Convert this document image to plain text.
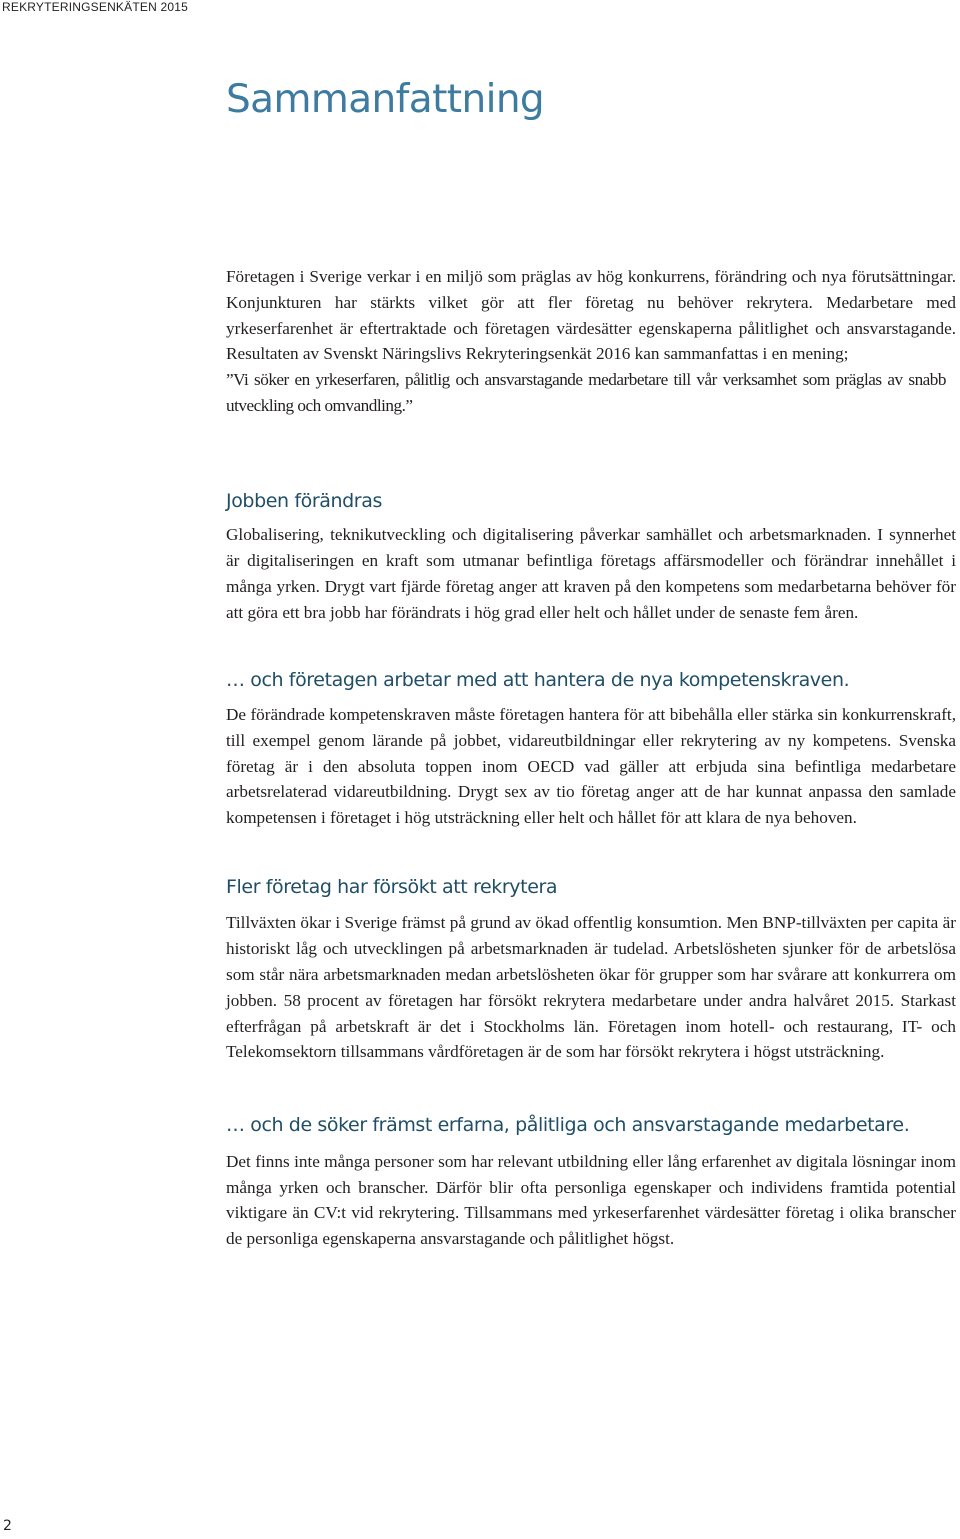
REKRYTERINGSENKÄTEN 2015
Sammanfattning

Företagen i Sverige verkar i en miljö som präglas av hög konkurrens, förändring och nya förutsättningar. Konjunkturen har stärkts vilket gör att fler företag nu behöver rekrytera. Medarbetare med yrkeserfarenhet är eftertraktade och företagen värdesätter egenskaperna pålitlighet och ansvarstagande. Resultaten av Svenskt Näringslivs Rekryteringsenkät 2016 kan sammanfattas i en mening;

”Vi söker en yrkeserfaren, pålitlig och ansvarstagande medarbetare till vår verksamhet som präglas av snabb utveckling och omvandling.”

Jobben förändras

Globalisering, teknikutveckling och digitalisering påverkar samhället och arbetsmarknaden. I synnerhet är digitaliseringen en kraft som utmanar befintliga företags affärsmodeller och förändrar innehållet i många yrken. Drygt vart fjärde företag anger att kraven på den kompetens som medarbetarna behöver för att göra ett bra jobb har förändrats i hög grad eller helt och hållet under de senaste fem åren.

… och företagen arbetar med att hantera de nya kompetenskraven.

De förändrade kompetenskraven måste företagen hantera för att bibehålla eller stärka sin konkurrenskraft, till exempel genom lärande på jobbet, vidareutbildningar eller rekrytering av ny kompetens. Svenska företag är i den absoluta toppen inom OECD vad gäller att erbjuda sina befintliga medarbetare arbetsrelaterad vidareutbildning. Drygt sex av tio företag anger att de har kunnat anpassa den samlade kompetensen i företaget i hög utsträckning eller helt och hållet för att klara de nya behoven.

Fler företag har försökt att rekrytera

Tillväxten ökar i Sverige främst på grund av ökad offentlig konsumtion. Men BNP-tillväxten per capita är historiskt låg och utvecklingen på arbetsmarknaden är tudelad. Arbetslösheten sjunker för de arbetslösa som står nära arbetsmarknaden medan arbetslösheten ökar för grupper som har svårare att konkurrera om jobben. 58 procent av företagen har försökt rekrytera medarbetare under andra halvåret 2015. Starkast efterfrågan på arbetskraft är det i Stockholms län. Företagen inom hotell- och restaurang, IT- och Telekomsektorn tillsammans vårdföretagen är de som har försökt rekrytera i högst utsträckning.

… och de söker främst erfarna, pålitliga och ansvarstagande medarbetare.

Det finns inte många personer som har relevant utbildning eller lång erfarenhet av digitala lösningar inom många yrken och branscher. Därför blir ofta personliga egenskaper och individens framtida potential viktigare än CV:t vid rekrytering. Tillsammans med yrkeserfarenhet värdesätter företag i olika branscher de personliga egenskaperna ansvarstagande och pålitlighet högst.

2
